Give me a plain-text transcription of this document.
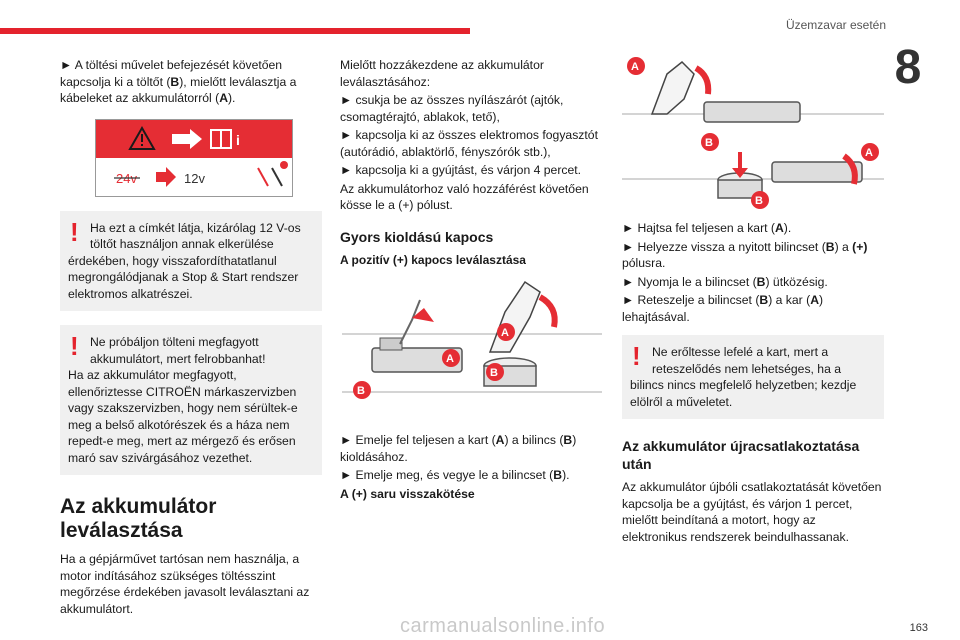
Üzemzavar esetén
8

► A töltési művelet befejezését követően kapcsolja ki a töltőt (B), mielőtt leválasztja a kábeleket az akkumulátorról (A).

i
24v	12v
! Ha ezt a címkét látja, kizárólag 12 V-os töltőt használjon annak elkerülése
érdekében, hogy visszafordíthatatlanul megrongálódjanak a Stop & Start rendszer elektromos alkatrészei.
! Ne próbáljon tölteni megfagyott akkumulátort, mert felrobbanhat!
Ha az akkumulátor megfagyott, ellenőriztesse CITROËN márkaszervizben vagy szakszervizben, hogy nem sérültek-e meg a belső alkotórészek és a háza nem repedt-e meg, mert az mérgező és erősen maró sav szivárgásához vezethet.
Az akkumulátor leválasztása

Ha a gépjárművet tartósan nem használja, a motor indításához szükséges töltésszint megőrzése érdekében javasolt leválasztani az akkumulátort.

Mielőtt hozzákezdene az akkumulátor leválasztásához:

► csukja be az összes nyílászárót (ajtók, csomagtérajtó, ablakok, tető),

► kapcsolja ki az összes elektromos fogyasztót (autórádió, ablaktörlő, fényszórók stb.),

► kapcsolja ki a gyújtást, és várjon 4 percet.

Az akkumulátorhoz való hozzáférést követően kösse le a (+) pólust.

Gyors kioldású kapocs
A pozitív (+) kapocs leválasztása
B
A
A
B

► Emelje fel teljesen a kart (A) a bilincs (B) kioldásához.

► Emelje meg, és vegye le a bilincset (B).

A (+) saru visszakötése

A
B
B
A

► Hajtsa fel teljesen a kart (A).

► Helyezze vissza a nyitott bilincset (B) a (+) pólusra.

► Nyomja le a bilincset (B) ütközésig.

► Reteszelje a bilincset (B) a kar (A) lehajtásával.

! Ne erőltesse lefelé a kart, mert a reteszelődés nem lehetséges, ha a
bilincs nincs megfelelő helyzetben; kezdje elölről a műveletet.
Az akkumulátor újracsatlakoztatása után

Az akkumulátor újbóli csatlakoztatását követően kapcsolja be a gyújtást, és várjon 1 percet, mielőtt beindítaná a motort, hogy az elektronikus rendszerek beindulhassanak.

163
carmanualsonline.info
